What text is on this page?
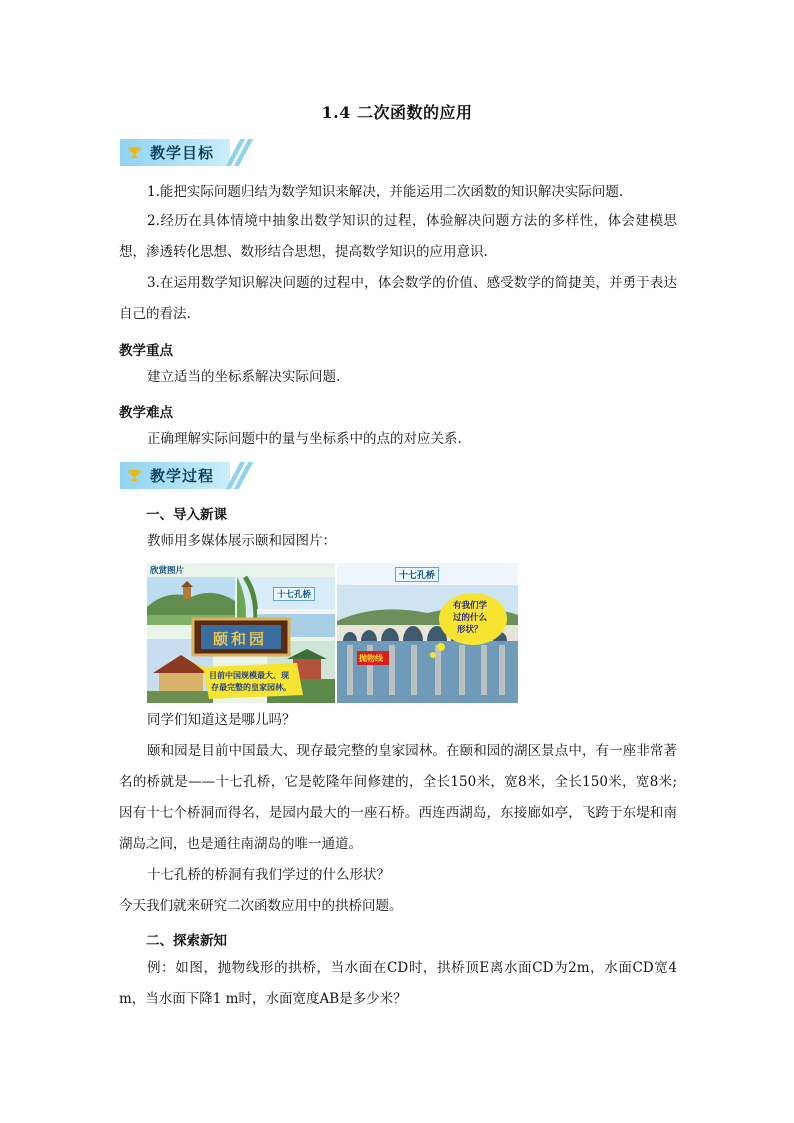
1.4 二次函数的应用
教学目标
1.能把实际问题归结为数学知识来解决，并能运用二次函数的知识解决实际问题.
2.经历在具体情境中抽象出数学知识的过程，体验解决问题方法的多样性，体会建模思想，渗透转化思想、数形结合思想，提高数学知识的应用意识.
3.在运用数学知识解决问题的过程中，体会数学的价值、感受数学的简捷美，并勇于表达自己的看法.
教学重点
建立适当的坐标系解决实际问题.
教学难点
正确理解实际问题中的量与坐标系中的点的对应关系.
教学过程
一、导入新课
教师用多媒体展示颐和园图片：
欣赏图片
十七孔桥
颐和园
目前中国规模最大、现
存最完整的皇家园林。
十七孔桥
有我们学
过的什么
形状？
抛物线
同学们知道这是哪儿吗？
颐和园是目前中国最大、现存最完整的皇家园林。在颐和园的湖区景点中，有一座非常著名的桥就是——十七孔桥，它是乾隆年间修建的，全长150米，宽8米，全长150米，宽8米;因有十七个桥洞而得名，是园内最大的一座石桥。西连西湖岛，东接廊如亭，飞跨于东堤和南湖岛之间，也是通往南湖岛的唯一通道。
十七孔桥的桥洞有我们学过的什么形状？
今天我们就来研究二次函数应用中的拱桥问题。
二、探索新知
例：如图，抛物线形的拱桥，当水面在CD时，拱桥顶E离水面CD为2m，水面CD宽4 m，当水面下降1 m时，水面宽度AB是多少米？
